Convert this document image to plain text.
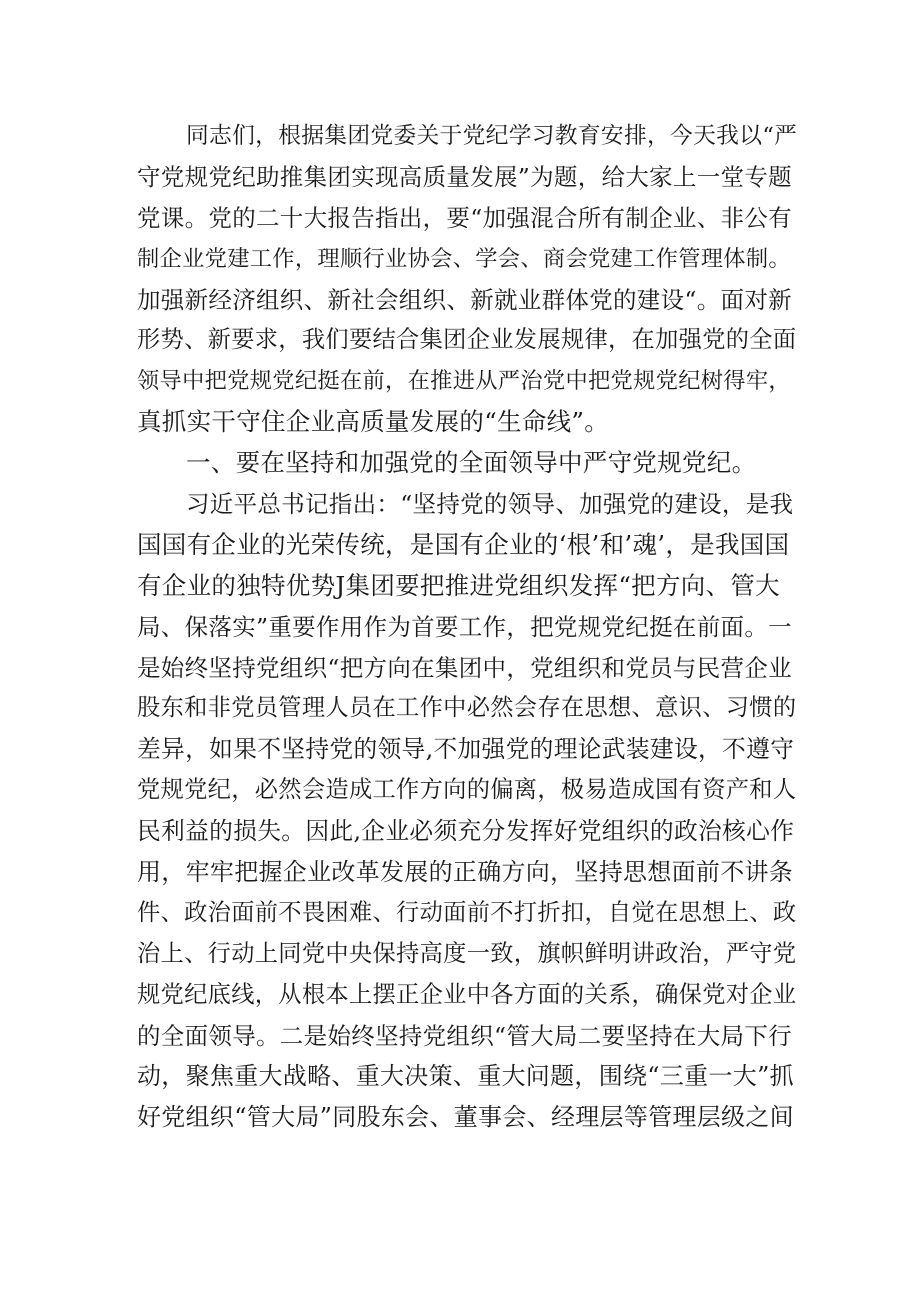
同志们，根据集团党委关于党纪学习教育安排，今天我以“严
守党规党纪助推集团实现高质量发展”为题，给大家上一堂专题
党课。党的二十大报告指出，要“加强混合所有制企业、非公有
制企业党建工作，理顺行业协会、学会、商会党建工作管理体制。
加强新经济组织、新社会组织、新就业群体党的建设“。面对新
形势、新要求，我们要结合集团企业发展规律，在加强党的全面
领导中把党规党纪挺在前，在推进从严治党中把党规党纪树得牢，
真抓实干守住企业高质量发展的“生命线”。
一、要在坚持和加强党的全面领导中严守党规党纪。
习近平总书记指出：“坚持党的领导、加强党的建设，是我
国国有企业的光荣传统，是国有企业的‘根’和’魂’，是我国国
有企业的独特优势J集团要把推进党组织发挥“把方向、管大
局、保落实”重要作用作为首要工作，把党规党纪挺在前面。一
是始终坚持党组织“把方向在集团中，党组织和党员与民营企业
股东和非党员管理人员在工作中必然会存在思想、意识、习惯的
差异，如果不坚持党的领导,不加强党的理论武装建设，不遵守
党规党纪，必然会造成工作方向的偏离，极易造成国有资产和人
民利益的损失。因此,企业必须充分发挥好党组织的政治核心作
用，牢牢把握企业改革发展的正确方向，坚持思想面前不讲条
件、政治面前不畏困难、行动面前不打折扣，自觉在思想上、政
治上、行动上同党中央保持高度一致，旗帜鲜明讲政治，严守党
规党纪底线，从根本上摆正企业中各方面的关系，确保党对企业
的全面领导。二是始终坚持党组织“管大局二要坚持在大局下行
动，聚焦重大战略、重大决策、重大问题，围绕“三重一大”抓
好党组织“管大局”同股东会、董事会、经理层等管理层级之间
